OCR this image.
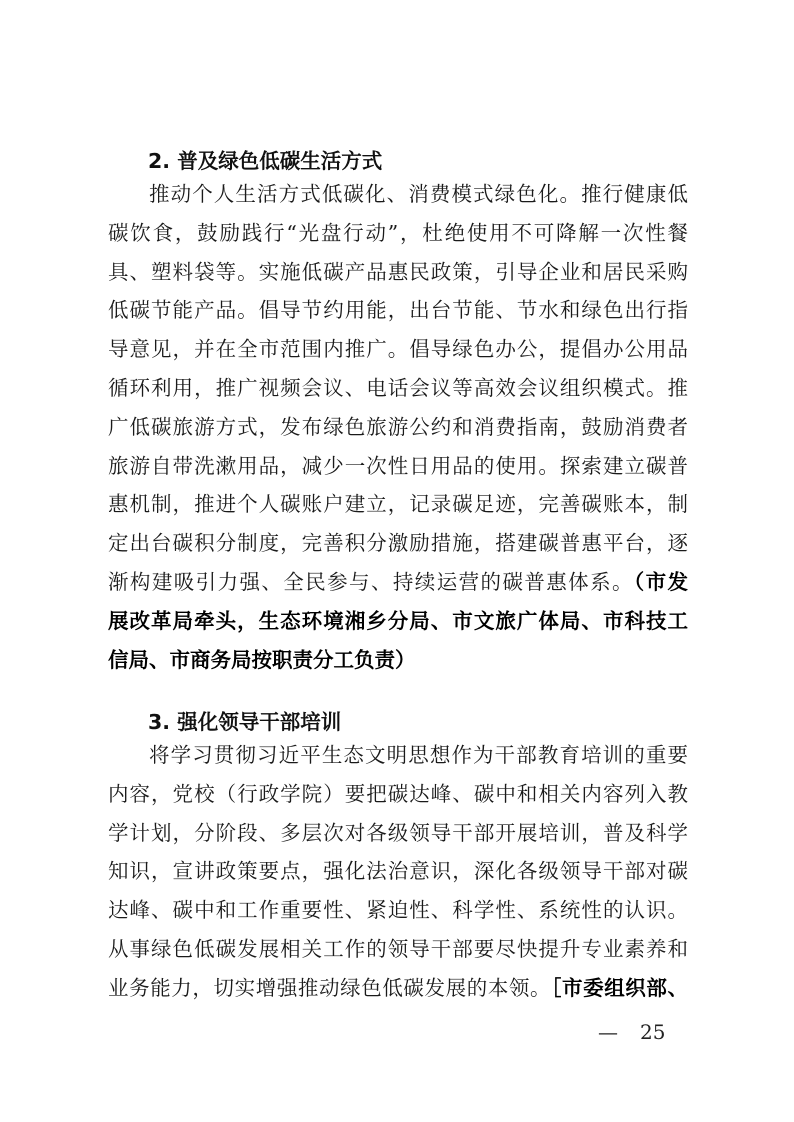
2. 普及绿色低碳生活方式
推动个人生活方式低碳化、消费模式绿色化。推行健康低
碳饮食，鼓励践行“光盘行动”，杜绝使用不可降解一次性餐
具、塑料袋等。实施低碳产品惠民政策，引导企业和居民采购
低碳节能产品。倡导节约用能，出台节能、节水和绿色出行指
导意见，并在全市范围内推广。倡导绿色办公，提倡办公用品
循环利用，推广视频会议、电话会议等高效会议组织模式。推
广低碳旅游方式，发布绿色旅游公约和消费指南，鼓励消费者
旅游自带洗漱用品，减少一次性日用品的使用。探索建立碳普
惠机制，推进个人碳账户建立，记录碳足迹，完善碳账本，制
定出台碳积分制度，完善积分激励措施，搭建碳普惠平台，逐
渐构建吸引力强、全民参与、持续运营的碳普惠体系。（市发
展改革局牵头，生态环境湘乡分局、市文旅广体局、市科技工
信局、市商务局按职责分工负责）
3. 强化领导干部培训
将学习贯彻习近平生态文明思想作为干部教育培训的重要
内容，党校（行政学院）要把碳达峰、碳中和相关内容列入教
学计划，分阶段、多层次对各级领导干部开展培训，普及科学
知识，宣讲政策要点，强化法治意识，深化各级领导干部对碳
达峰、碳中和工作重要性、紧迫性、科学性、系统性的认识。
从事绿色低碳发展相关工作的领导干部要尽快提升专业素养和
业务能力，切实增强推动绿色低碳发展的本领。［市委组织部、
— 25
